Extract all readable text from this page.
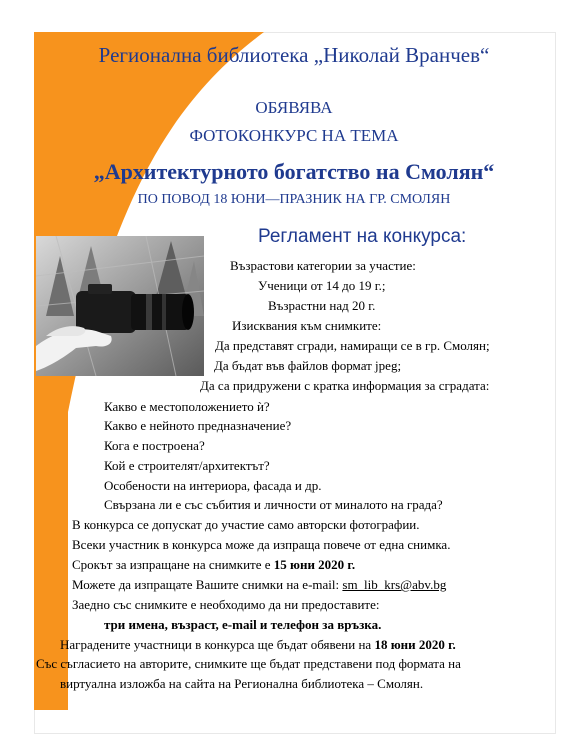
Регионална библиотека „Николай Врaнчев“
ОБЯВЯВА
ФОТОКОНКУРС НА ТЕМА
„Архитектурното богатство на Смолян“
ПО ПОВОД 18 ЮНИ—ПРАЗНИК НА ГР. СМОЛЯН
Регламент на конкурса:
Възрастови категории за участие:
Ученици от 14 до 19 г.;
Възрастни над 20 г.
Изисквания към снимките:
Да представят сгради, намиращи се в гр. Смолян;
Да бъдат във файлов формат jpeg;
Да са придружени с кратка информация за сградата:
Какво е местоположението ѝ?
Какво е нейното предназначение?
Кога е построена?
Кой е строителят/архитектът?
Особености на интериора, фасада и др.
Свързана ли е със събития и личности от миналото на града?
В конкурса се допускат до участие само авторски фотографии.
Всеки участник в конкурса може да изпраща повече от една снимка.
Срокът за изпращане на снимките е 15 юни 2020 г.
Можете да изпращате Вашите снимки на e-mail: sm_lib_krs@abv.bg
Заедно със снимките е необходимо да ни предоставите:
три имена, възраст, e-mail и телефон за връзка.
Наградените участници в конкурса ще бъдат обявени на 18 юни 2020 г.
Със съгласието на авторите, снимките ще бъдат представени под формата на
виртуална изложба на сайта на Регионална библиотека – Смолян.
